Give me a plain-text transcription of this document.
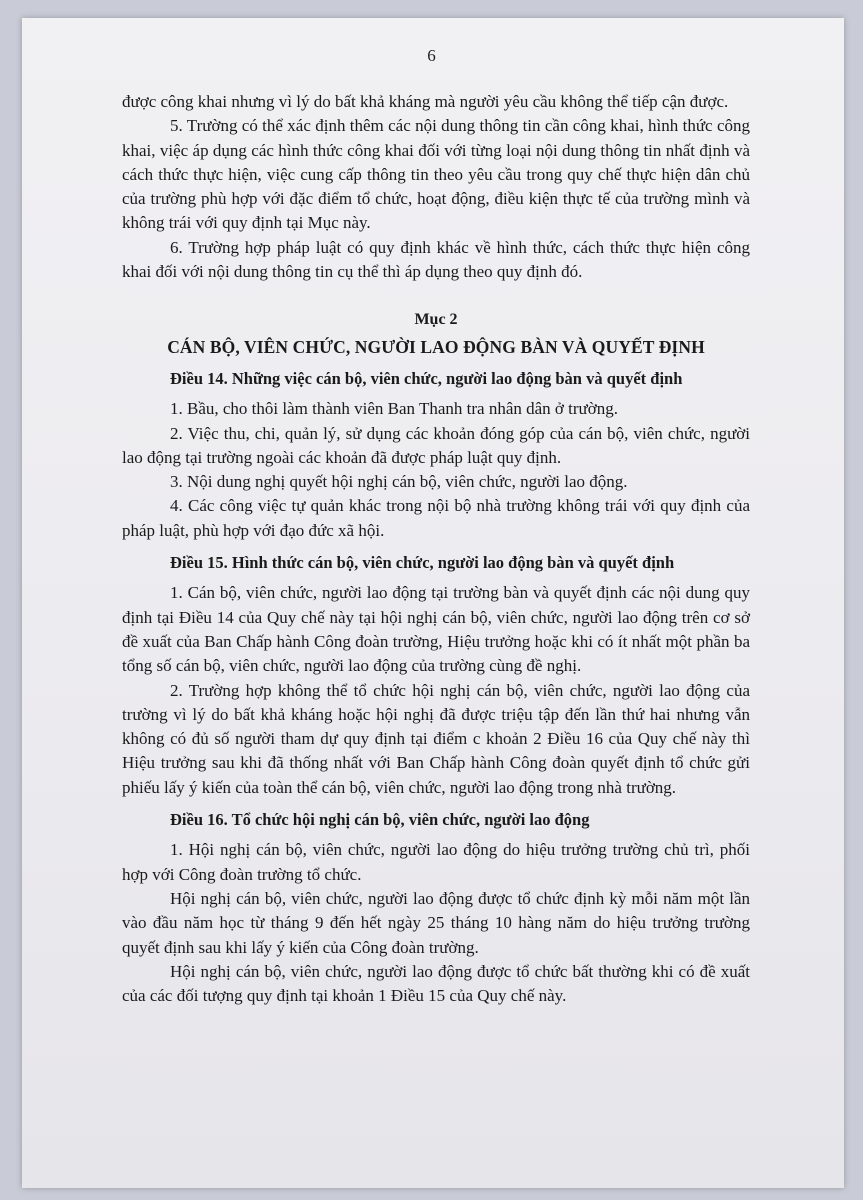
6

được công khai nhưng vì lý do bất khả kháng mà người yêu cầu không thể tiếp cận được.

5. Trường có thể xác định thêm các nội dung thông tin cần công khai, hình thức công khai, việc áp dụng các hình thức công khai đối với từng loại nội dung thông tin nhất định và cách thức thực hiện, việc cung cấp thông tin theo yêu cầu trong quy chế thực hiện dân chủ của trường phù hợp với đặc điểm tổ chức, hoạt động, điều kiện thực tế của trường mình và không trái với quy định tại Mục này.

6. Trường hợp pháp luật có quy định khác về hình thức, cách thức thực hiện công khai đối với nội dung thông tin cụ thể thì áp dụng theo quy định đó.

Mục 2

CÁN BỘ, VIÊN CHỨC, NGƯỜI LAO ĐỘNG BÀN VÀ QUYẾT ĐỊNH

Điều 14. Những việc cán bộ, viên chức, người lao động bàn và quyết định

1. Bầu, cho thôi làm thành viên Ban Thanh tra nhân dân ở trường.

2. Việc thu, chi, quản lý, sử dụng các khoản đóng góp của cán bộ, viên chức, người lao động tại trường ngoài các khoản đã được pháp luật quy định.

3. Nội dung nghị quyết hội nghị cán bộ, viên chức, người lao động.

4. Các công việc tự quản khác trong nội bộ nhà trường không trái với quy định của pháp luật, phù hợp với đạo đức xã hội.

Điều 15. Hình thức cán bộ, viên chức, người lao động bàn và quyết định

1. Cán bộ, viên chức, người lao động tại trường bàn và quyết định các nội dung quy định tại Điều 14 của Quy chế này tại hội nghị cán bộ, viên chức, người lao động trên cơ sở đề xuất của Ban Chấp hành Công đoàn trường, Hiệu trưởng hoặc khi có ít nhất một phần ba tổng số cán bộ, viên chức, người lao động của trường cùng đề nghị.

2. Trường hợp không thể tổ chức hội nghị cán bộ, viên chức, người lao động của trường vì lý do bất khả kháng hoặc hội nghị đã được triệu tập đến lần thứ hai nhưng vẫn không có đủ số người tham dự quy định tại điểm c khoản 2 Điều 16 của Quy chế này thì Hiệu trưởng sau khi đã thống nhất với Ban Chấp hành Công đoàn quyết định tổ chức gửi phiếu lấy ý kiến của toàn thể cán bộ, viên chức, người lao động trong nhà trường.

Điều 16. Tổ chức hội nghị cán bộ, viên chức, người lao động

1. Hội nghị cán bộ, viên chức, người lao động do hiệu trưởng trường chủ trì, phối hợp với Công đoàn trường tổ chức.

Hội nghị cán bộ, viên chức, người lao động được tổ chức định kỳ mỗi năm một lần vào đầu năm học từ tháng 9 đến hết ngày 25 tháng 10 hàng năm do hiệu trưởng trường quyết định sau khi lấy ý kiến của Công đoàn trường.

Hội nghị cán bộ, viên chức, người lao động được tổ chức bất thường khi có đề xuất của các đối tượng quy định tại khoản 1 Điều 15 của Quy chế này.
